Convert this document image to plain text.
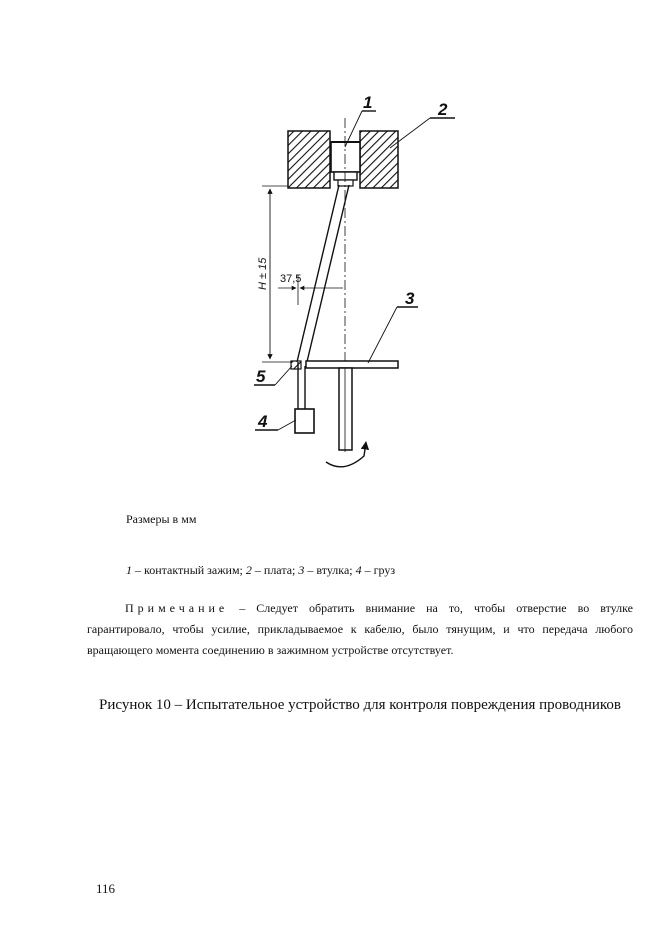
H ± 15 37,5
1	2
3
5
4
Размеры в мм
1 – контактный зажим; 2 – плата; 3 – втулка; 4 – груз
Примечание – Следует обратить внимание на то, чтобы отверстие во втулке гарантировало, чтобы усилие, прикладываемое к кабелю, было тянущим, и что передача любого вращающего момента соединению в зажимном устройстве отсутствует.
Рисунок 10 – Испытательное устройство для контроля повреждения проводников
116
